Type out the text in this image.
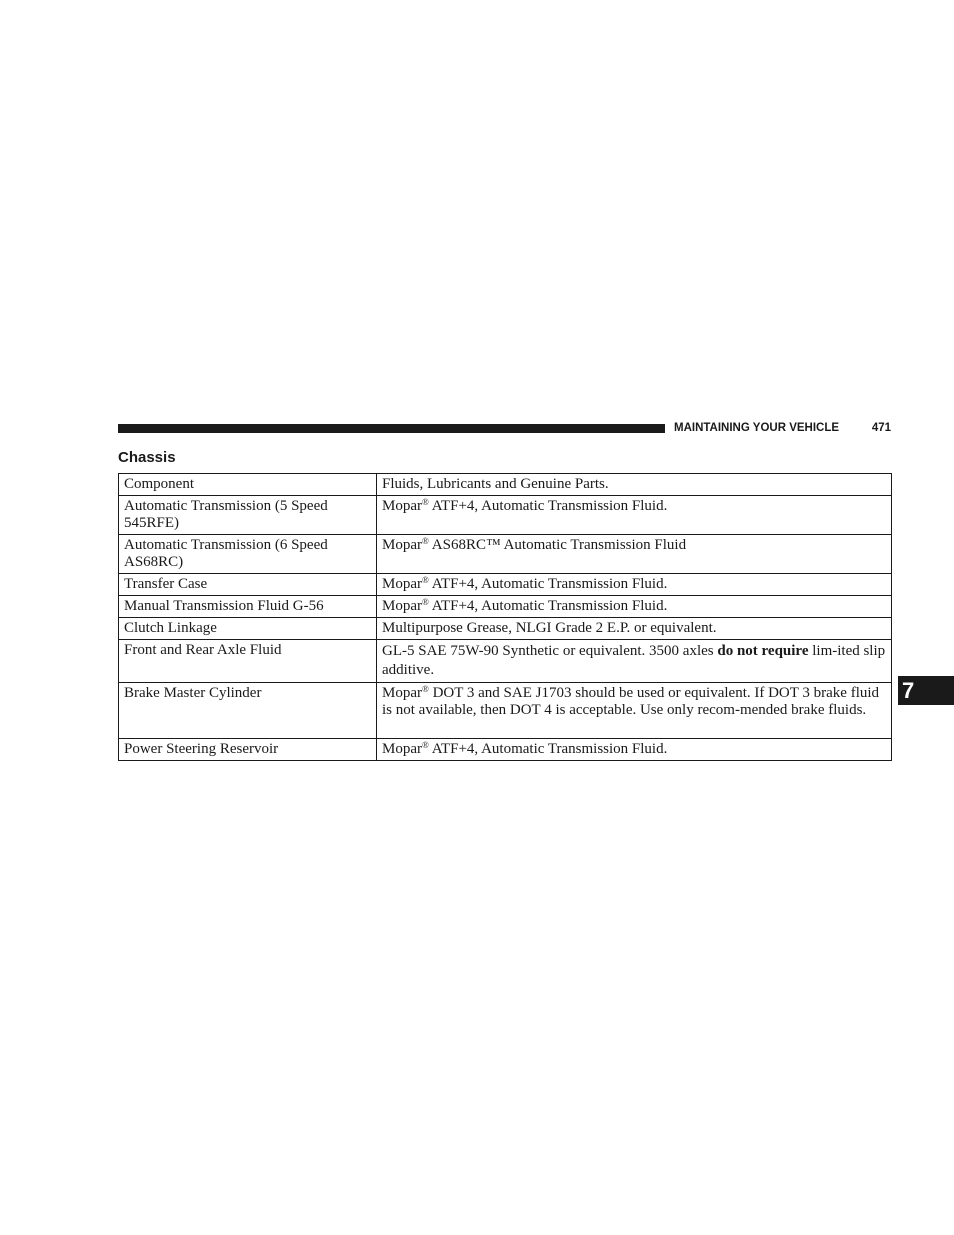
MAINTAINING YOUR VEHICLE	471
Chassis
Component	Fluids, Lubricants and Genuine Parts.
Automatic Transmission (5 Speed 545RFE)	Mopar® ATF+4, Automatic Transmission Fluid.
Automatic Transmission (6 Speed AS68RC)	Mopar® AS68RC™ Automatic Transmission Fluid
Transfer Case	Mopar® ATF+4, Automatic Transmission Fluid.
Manual Transmission Fluid G-56	Mopar® ATF+4, Automatic Transmission Fluid.
Clutch Linkage	Multipurpose Grease, NLGI Grade 2 E.P. or equivalent.
Front and Rear Axle Fluid	GL-5 SAE 75W-90 Synthetic or equivalent. 3500 axles do not require lim-ited slip additive.
Brake Master Cylinder	Mopar® DOT 3 and SAE J1703 should be used or equivalent. If DOT 3 brake fluid is not available, then DOT 4 is acceptable. Use only recom-mended brake fluids.
Power Steering Reservoir	Mopar® ATF+4, Automatic Transmission Fluid.
7
